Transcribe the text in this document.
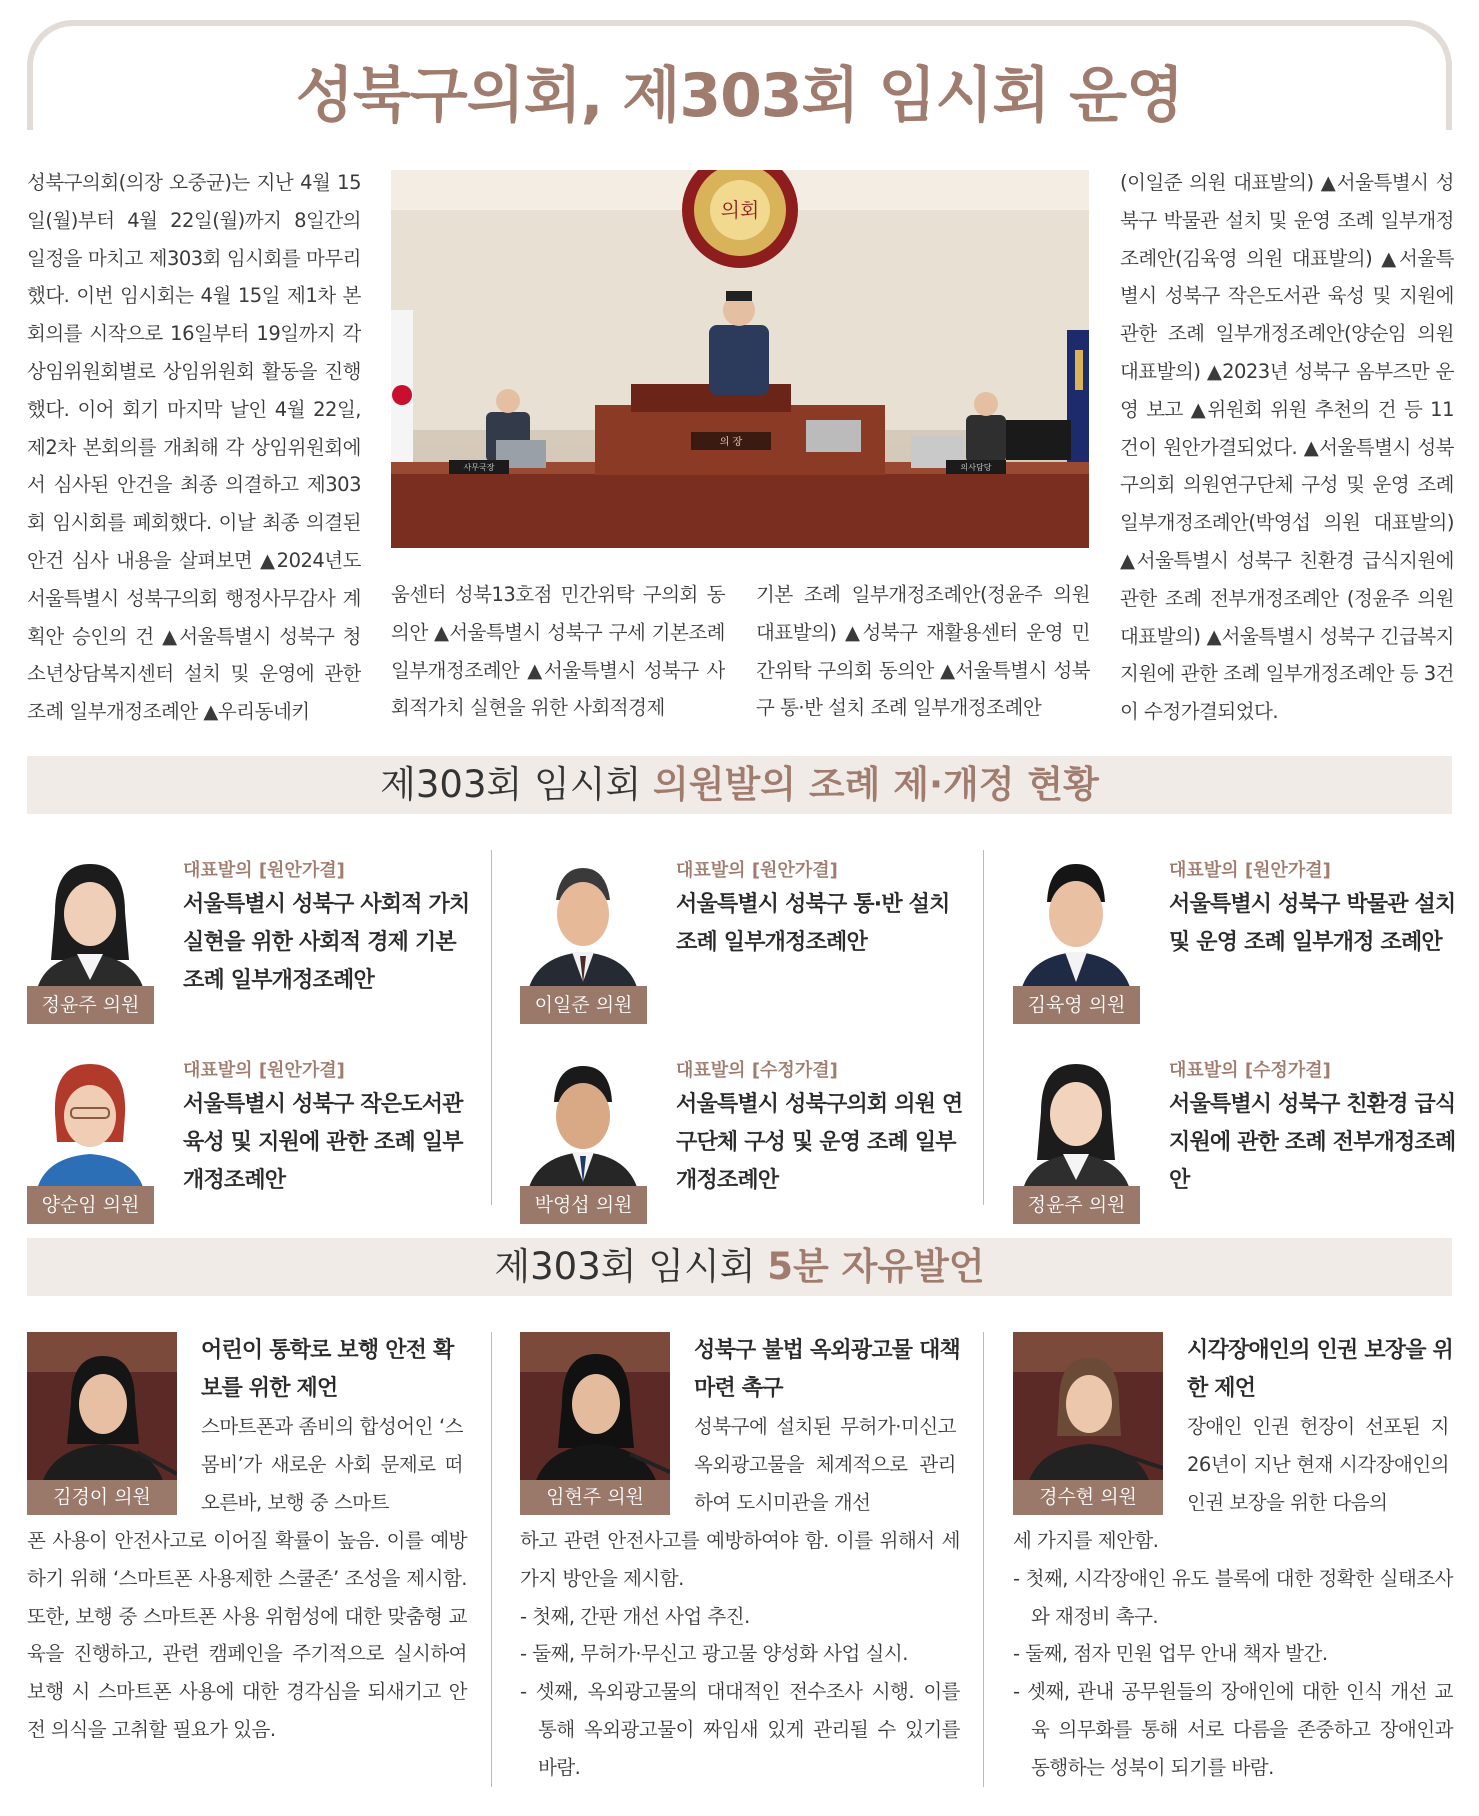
성북구의회, 제303회 임시회 운영
성북구의회(의장 오중균)는 지난 4월 15일(월)부터 4월 22일(월)까지 8일간의 일정을 마치고 제303회 임시회를 마무리했다. 이번 임시회는 4월 15일 제1차 본회의를 시작으로 16일부터 19일까지 각 상임위원회별로 상임위원회 활동을 진행했다. 이어 회기 마지막 날인 4월 22일, 제2차 본회의를 개최해 각 상임위원회에서 심사된 안건을 최종 의결하고 제303회 임시회를 폐회했다. 이날 최종 의결된 안건 심사 내용을 살펴보면 ▲2024년도 서울특별시 성북구의회 행정사무감사 계획안 승인의 건 ▲서울특별시 성북구 청소년상담복지센터 설치 및 운영에 관한 조례 일부개정조례안 ▲우리동네키
의회
의 장
사무국장	의사담당
움센터 성북13호점 민간위탁 구의회 동의안 ▲서울특별시 성북구 구세 기본조례 일부개정조례안 ▲서울특별시 성북구 사회적가치 실현을 위한 사회적경제
기본 조례 일부개정조례안(정윤주 의원 대표발의) ▲성북구 재활용센터 운영 민간위탁 구의회 동의안 ▲서울특별시 성북구 통·반 설치 조례 일부개정조례안
(이일준 의원 대표발의) ▲서울특별시 성북구 박물관 설치 및 운영 조례 일부개정조례안(김육영 의원 대표발의) ▲서울특별시 성북구 작은도서관 육성 및 지원에 관한 조례 일부개정조례안(양순임 의원 대표발의) ▲2023년 성북구 옴부즈만 운영 보고 ▲위원회 위원 추천의 건 등 11건이 원안가결되었다. ▲서울특별시 성북구의회 의원연구단체 구성 및 운영 조례 일부개정조례안(박영섭 의원 대표발의) ▲서울특별시 성북구 친환경 급식지원에 관한 조례 전부개정조례안 (정윤주 의원 대표발의) ▲서울특별시 성북구 긴급복지 지원에 관한 조례 일부개정조례안 등 3건이 수정가결되었다.
제303회 임시회 의원발의 조례 제·개정 현황
정윤주 의원
대표발의 [원안가결]
서울특별시 성북구 사회적 가치 실현을 위한 사회적 경제 기본 조례 일부개정조례안
이일준 의원
대표발의 [원안가결]
서울특별시 성북구 통·반 설치 조례 일부개정조례안
김육영 의원
대표발의 [원안가결]
서울특별시 성북구 박물관 설치 및 운영 조례 일부개정 조례안
양순임 의원
대표발의 [원안가결]
서울특별시 성북구 작은도서관 육성 및 지원에 관한 조례 일부 개정조례안
박영섭 의원
대표발의 [수정가결]
서울특별시 성북구의회 의원 연구단체 구성 및 운영 조례 일부개정조례안
정윤주 의원
대표발의 [수정가결]
서울특별시 성북구 친환경 급식지원에 관한 조례 전부개정조례안
제303회 임시회 5분 자유발언
김경이 의원
어린이 통학로 보행 안전 확보를 위한 제언
스마트폰과 좀비의 합성어인 ‘스몸비’가 새로운 사회 문제로 떠오른바, 보행 중 스마트
폰 사용이 안전사고로 이어질 확률이 높음. 이를 예방하기 위해 ‘스마트폰 사용제한 스쿨존’ 조성을 제시함. 또한, 보행 중 스마트폰 사용 위험성에 대한 맞춤형 교육을 진행하고, 관련 캠페인을 주기적으로 실시하여 보행 시 스마트폰 사용에 대한 경각심을 되새기고 안전 의식을 고취할 필요가 있음.
임현주 의원
성북구 불법 옥외광고물 대책 마련 촉구
성북구에 설치된 무허가·미신고 옥외광고물을 체계적으로 관리하여 도시미관을 개선
하고 관련 안전사고를 예방하여야 함. 이를 위해서 세 가지 방안을 제시함.
- 첫째, 간판 개선 사업 추진.
- 둘째, 무허가·무신고 광고물 양성화 사업 실시.
- 셋째, 옥외광고물의 대대적인 전수조사 시행. 이를 통해 옥외광고물이 짜임새 있게 관리될 수 있기를 바람.
경수현 의원
시각장애인의 인권 보장을 위한 제언
장애인 인권 헌장이 선포된 지 26년이 지난 현재 시각장애인의 인권 보장을 위한 다음의
세 가지를 제안함.
- 첫째, 시각장애인 유도 블록에 대한 정확한 실태조사와 재정비 촉구.
- 둘째, 점자 민원 업무 안내 책자 발간.
- 셋째, 관내 공무원들의 장애인에 대한 인식 개선 교육 의무화를 통해 서로 다름을 존중하고 장애인과 동행하는 성북이 되기를 바람.
